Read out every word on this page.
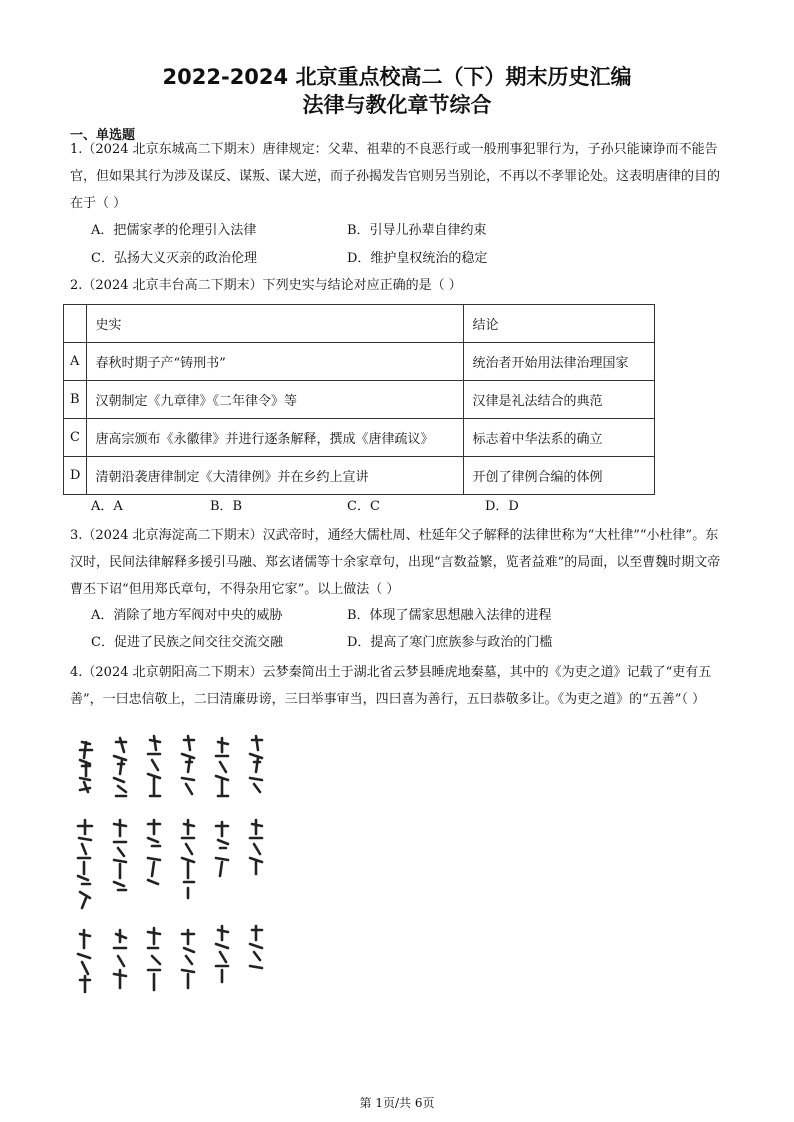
2022-2024 北京重点校高二（下）期末历史汇编
法律与教化章节综合
一、单选题
1.（2024 北京东城高二下期末）唐律规定：父辈、祖辈的不良恶行或一般刑事犯罪行为，子孙只能谏诤而不能告官，但如果其行为涉及谋反、谋叛、谋大逆，而子孙揭发告官则另当别论，不再以不孝罪论处。这表明唐律的目的在于（ ）
A．把儒家孝的伦理引入法律	B．引导儿孙辈自律约束
C．弘扬大义灭亲的政治伦理	D．维护皇权统治的稳定
2.（2024 北京丰台高二下期末）下列史实与结论对应正确的是（ ）
	史实	结论
A	春秋时期子产“铸刑书”	统治者开始用法律治理国家
B	汉朝制定《九章律》《二年律令》等	汉律是礼法结合的典范
C	唐高宗颁布《永徽律》并进行逐条解释，撰成《唐律疏议》	标志着中华法系的确立
D	清朝沿袭唐律制定《大清律例》并在乡约上宣讲	开创了律例合编的体例
A．A	B．B	C．C	D．D
3.（2024 北京海淀高二下期末）汉武帝时，通经大儒杜周、杜延年父子解释的法律世称为“大杜律”“小杜律”。东汉时，民间法律解释多援引马融、郑玄诸儒等十余家章句，出现“言数益繁，览者益难”的局面，以至曹魏时期文帝曹丕下诏“但用郑氏章句，不得杂用它家”。以上做法（ ）
A．消除了地方军阀对中央的威胁	B．体现了儒家思想融入法律的进程
C．促进了民族之间交往交流交融	D．提高了寒门庶族参与政治的门槛
4.（2024 北京朝阳高二下期末）云梦秦简出土于湖北省云梦县睡虎地秦墓，其中的《为吏之道》记载了“吏有五善”，一曰忠信敬上，二曰清廉毋谤，三曰举事审当，四曰喜为善行，五曰恭敬多让。《为吏之道》的“五善”（ ）
第 1页/共 6页
